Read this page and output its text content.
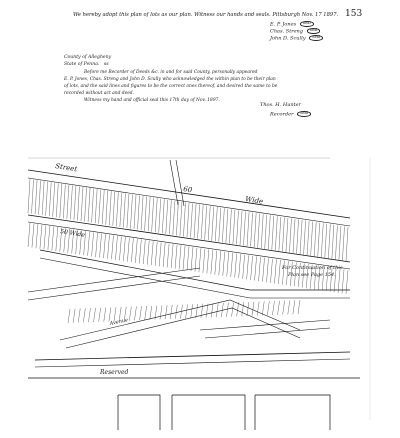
We hereby adopt this plan of lots as our plan. Witness our hands and seals. Pittsburgh Nov. 17 1897. 153
E. P. Jones Seal
Chas. Streng Seal
John D. Scully Seal
County of Allegheny
State of Penna. ss
Before me Recorder of Deeds &c. in and for said County, personally appeared
E. P. Jones, Chas. Streng and John D. Scully who acknowledged the within plan to be their plan
of lots, and the said lines and figures to be the correct ones thereof, and desired the same to be
recorded without act and deed.
Witness my hand and official seal this 17th day of Nov. 1897.
Thos. H. Hunter
Recorder Seal
Street
60
Wide
50 Wide
Avenue
Reserved
For Continuation of this
Plan see Page 154.
